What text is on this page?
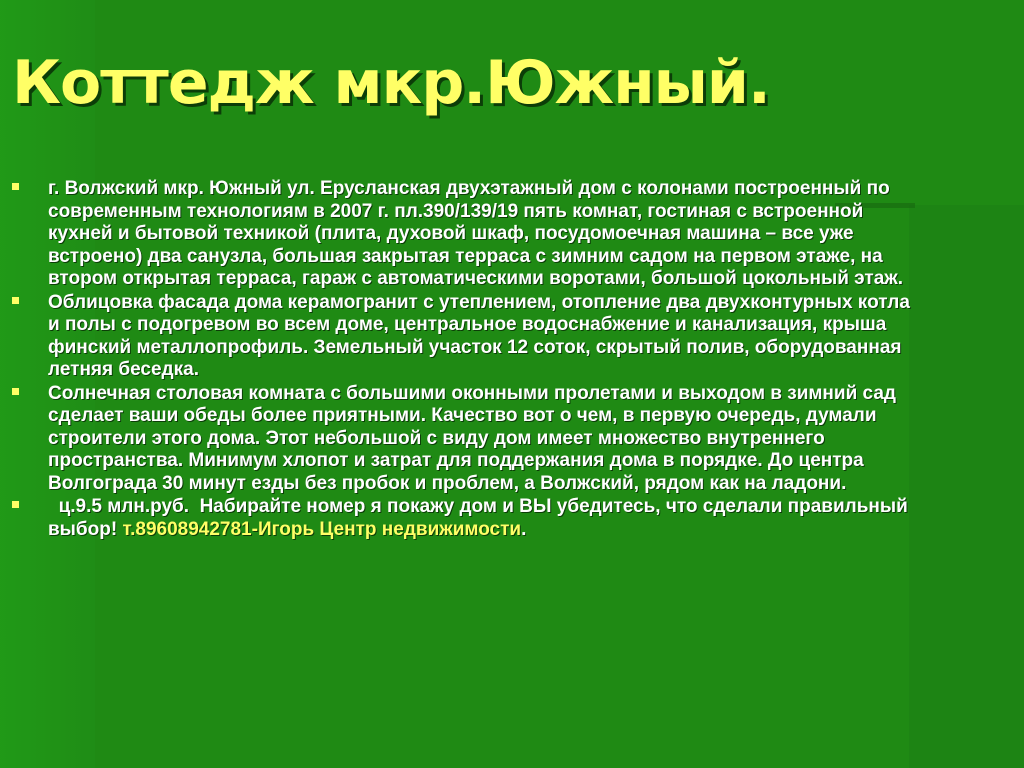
Коттедж мкр.Южный.
г. Волжский мкр. Южный ул. Еруслaнская двухэтажный дом с колонами построенный по современным технологиям в 2007 г. пл.390/139/19 пять комнат, гостиная с встроенной кухней и бытовой техникой (плита, духовой шкаф, посудомоечная машина – все уже встроено) два санузла, большая закрытая терраса с зимним садом на первом этаже, на втором открытая терраса, гараж с автоматическими воротами, большой цокольный этаж.
Облицовка фасада дома керамогранит с утеплением, отопление два двухконтурных котла и полы с подогревом во всем доме, центральное водоснабжение и канализация, крыша финский металлопрофиль. Земельный участок 12 соток, скрытый полив, оборудованная летняя беседка.
Солнечная столовая комната с большими оконными пролетами и выходом в зимний сад сделает ваши обеды более приятными. Качество вот о чем, в первую очередь, думали строители этого дома. Этот небольшой с виду дом имеет множество внутреннего пространства. Минимум хлопот и затрат для поддержания дома в порядке. До центра Волгограда 30 минут езды без пробок и проблем, а Волжский, рядом как на ладони.
ц.9.5 млн.руб.  Набирайте номер я покажу дом и ВЫ убедитесь, что сделали правильный выбор! т.89608942781-Игорь Центр недвижимости.
